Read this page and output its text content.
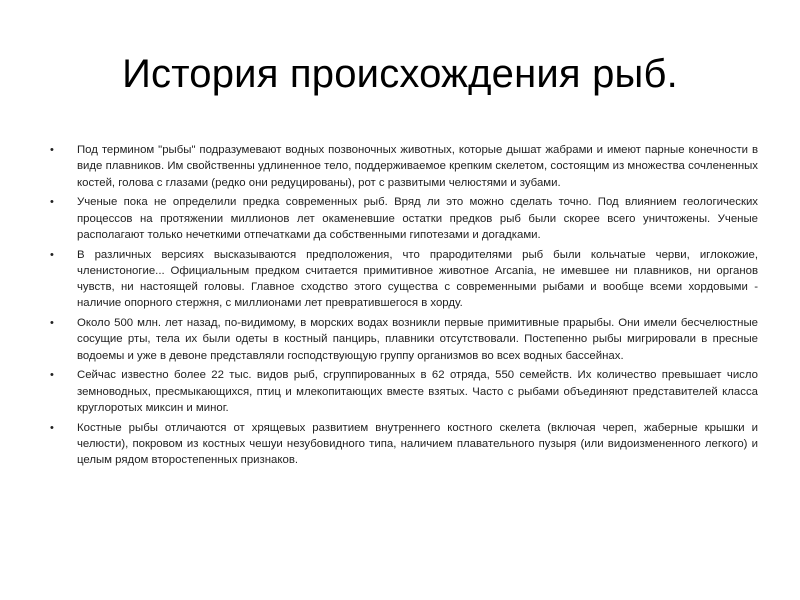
История происхождения рыб.
• Под термином "рыбы" подразумевают водных позвоночных животных, которые дышат жабрами и имеют парные конечности в виде плавников. Им свойственны удлиненное тело, поддерживаемое крепким скелетом, состоящим из множества сочлененных костей, голова с глазами (редко они редуцированы), рот с развитыми челюстями и зубами.
• Ученые пока не определили предка современных рыб. Вряд ли это можно сделать точно. Под влиянием геологических процессов на протяжении миллионов лет окаменевшие остатки предков рыб были скорее всего уничтожены. Ученые располагают только нечеткими отпечатками да собственными гипотезами и догадками.
• В различных версиях высказываются предположения, что прародителями рыб были кольчатые черви, иглокожие, членистоногие... Официальным предком считается примитивное животное Arcania, не имевшее ни плавников, ни органов чувств, ни настоящей головы. Главное сходство этого существа с современными рыбами и вообще всеми хордовыми - наличие опорного стержня, с миллионами лет превратившегося в хорду.
• Около 500 млн. лет назад, по-видимому, в морских водах возникли первые примитивные прарыбы. Они имели бесчелюстные сосущие рты, тела их были одеты в костный панцирь, плавники отсутствовали. Постепенно рыбы мигрировали в пресные водоемы и уже в девоне представляли господствующую группу организмов во всех водных бассейнах.
• Сейчас известно более 22 тыс. видов рыб, сгруппированных в 62 отряда, 550 семейств. Их количество превышает число земноводных, пресмыкающихся, птиц и млекопитающих вместе взятых. Часто с рыбами объединяют представителей класса круглоротых миксин и миног.
• Костные рыбы отличаются от хрящевых развитием внутреннего костного скелета (включая череп, жаберные крышки и челюсти), покровом из костных чешуи незубовидного типа, наличием плавательного пузыря (или видоизмененного легкого) и целым рядом второстепенных признаков.
